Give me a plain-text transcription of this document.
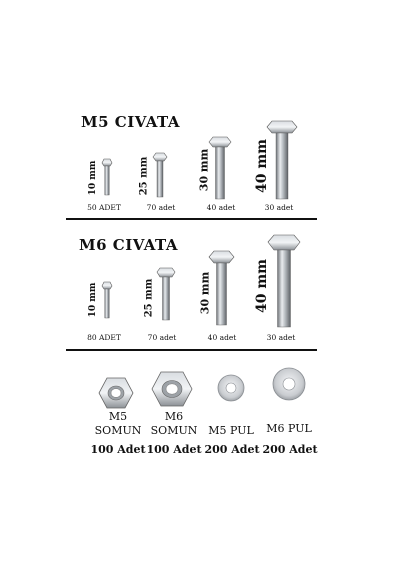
M5 CIVATA
10 mm
50 ADET
25 mm
70 adet
30 mm
40 adet
40 mm
30 adet
M6 CIVATA
10 mm
80 ADET
25 mm
70 adet
30 mm
40 adet
40 mm
30 adet
M5
SOMUN
100 Adet
M6
SOMUN
100 Adet
M5 PUL
200 Adet
M6 PUL
200 Adet
